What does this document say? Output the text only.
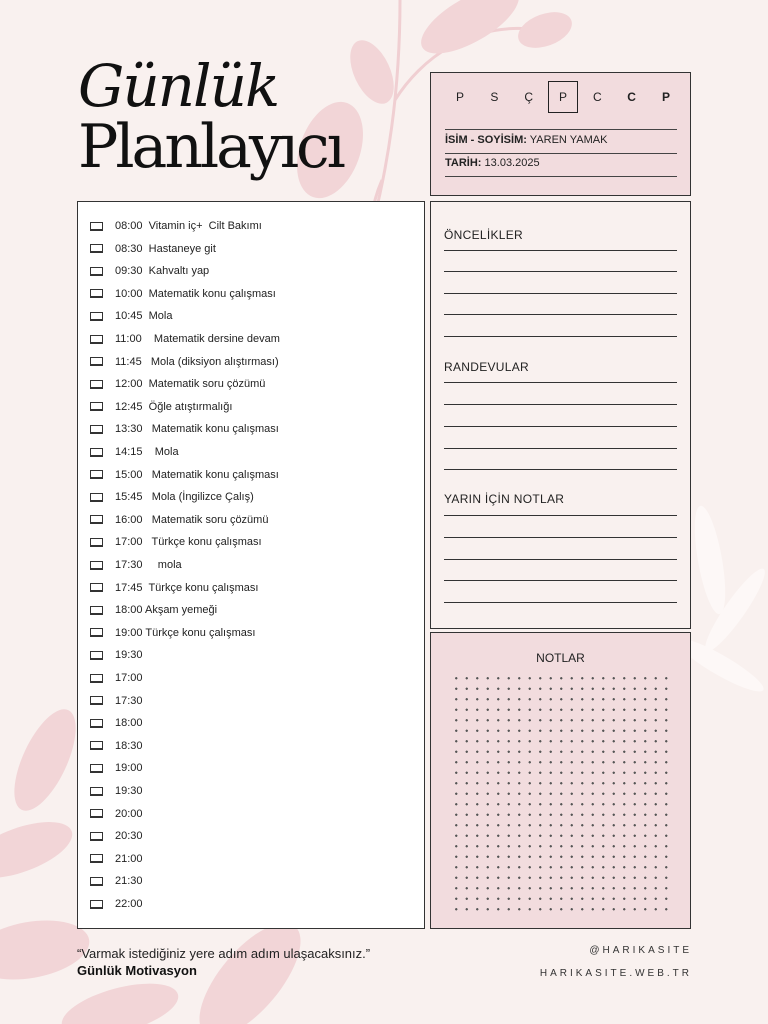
Günlük
Planlayıcı
P	S	Ç	P	C	C	P
İSİM - SOYİSİM: YAREN YAMAK
TARİH: 13.03.2025
08:00  Vitamin iç+  Cilt Bakımı
08:30  Hastaneye git
09:30  Kahvaltı yap
10:00  Matematik konu çalışması
10:45  Mola
11:00    Matematik dersine devam
11:45   Mola (diksiyon alıştırması)
12:00  Matematik soru çözümü
12:45  Öğle atıştırmalığı
13:30   Matematik konu çalışması
14:15    Mola
15:00   Matematik konu çalışması
15:45   Mola (İngilizce Çalış)
16:00   Matematik soru çözümü
17:00   Türkçe konu çalışması
17:30     mola
17:45  Türkçe konu çalışması
18:00 Akşam yemeği
19:00 Türkçe konu çalışması
19:30
17:00
17:30
18:00
18:30
19:00
19:30
20:00
20:30
21:00
21:30
22:00
ÖNCELİKLER
RANDEVULAR
YARIN İÇİN NOTLAR
NOTLAR
“Varmak istediğiniz yere adım adım ulaşacaksınız.”
Günlük Motivasyon
@HARIKASITE
HARIKASITE.WEB.TR
